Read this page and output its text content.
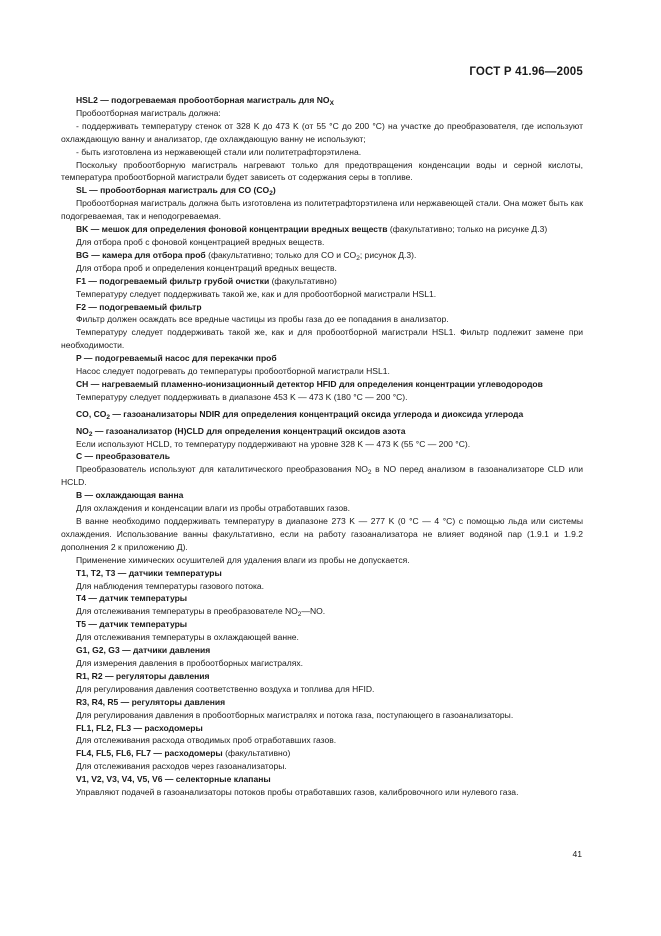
ГОСТ Р 41.96—2005

HSL2 — подогреваемая пробоотборная магистраль для $NO_X$

Пробоотборная магистраль должна:

- поддерживать температуру стенок от 328 K до 473 K (от 55 °C до 200 °C) на участке до преобразователя, где используют охлаждающую ванну и анализатор, где охлаждающую ванну не используют;

- быть изготовлена из нержавеющей стали или политетрафторэтилена.

Поскольку пробоотборную магистраль нагревают только для предотвращения конденсации воды и серной кислоты, температура пробоотборной магистрали будет зависеть от содержания серы в топливе.

SL — пробоотборная магистраль для CO $(CO_2)$

Пробоотборная магистраль должна быть изготовлена из политетрафторэтилена или нержавеющей стали. Она может быть как подогреваемая, так и неподогреваемая.

BK — мешок для определения фоновой концентрации вредных веществ (факультативно; только на рисунке Д.3)

Для отбора проб с фоновой концентрацией вредных веществ.

BG — камера для отбора проб (факультативно; только для CO и $CO_2$; рисунок Д.3).

Для отбора проб и определения концентраций вредных веществ.

F1 — подогреваемый фильтр грубой очистки (факультативно)

Температуру следует поддерживать такой же, как и для пробоотборной магистрали HSL1.

F2 — подогреваемый фильтр

Фильтр должен осаждать все вредные частицы из пробы газа до ее попадания в анализатор.

Температуру следует поддерживать такой же, как и для пробоотборной магистрали HSL1. Фильтр подлежит замене при необходимости.

P — подогреваемый насос для перекачки проб

Насос следует подогревать до температуры пробоотборной магистрали HSL1.

CH — нагреваемый пламенно-ионизационный детектор HFID для определения концентрации углеводородов

Температуру следует поддерживать в диапазоне 453 K — 473 K (180 °C — 200 °C).

CO, $CO_2$ — газоанализаторы NDIR для определения концентраций оксида углерода и диоксида углерода

$NO_2$ — газоанализатор (H)CLD для определения концентраций оксидов азота

Если используют HCLD, то температуру поддерживают на уровне 328 K — 473 K (55 °C — 200 °C).

C — преобразователь

Преобразователь используют для каталитического преобразования $NO_2$ в NO перед анализом в газоанализаторе CLD или HCLD.

B — охлаждающая ванна

Для охлаждения и конденсации влаги из пробы отработавших газов.

В ванне необходимо поддерживать температуру в диапазоне 273 K — 277 K (0 °C — 4 °C) с помощью льда или системы охлаждения. Использование ванны факультативно, если на работу газоанализатора не влияет водяной пар (1.9.1 и 1.9.2 дополнения 2 к приложению Д).

Применение химических осушителей для удаления влаги из пробы не допускается.

T1, T2, T3 — датчики температуры

Для наблюдения температуры газового потока.

T4 — датчик температуры

Для отслеживания температуры в преобразователе $NO_2—NO$.

T5 — датчик температуры

Для отслеживания температуры в охлаждающей ванне.

G1, G2, G3 — датчики давления

Для измерения давления в пробоотборных магистралях.

R1, R2 — регуляторы давления

Для регулирования давления соответственно воздуха и топлива для HFID.

R3, R4, R5 — регуляторы давления

Для регулирования давления в пробоотборных магистралях и потока газа, поступающего в газоанализаторы.

FL1, FL2, FL3 — расходомеры

Для отслеживания расхода отводимых проб отработавших газов.

FL4, FL5, FL6, FL7 — расходомеры (факультативно)

Для отслеживания расходов через газоанализаторы.

V1, V2, V3, V4, V5, V6 — селекторные клапаны

Управляют подачей в газоанализаторы потоков пробы отработавших газов, калибровочного или нулевого газа.

41
